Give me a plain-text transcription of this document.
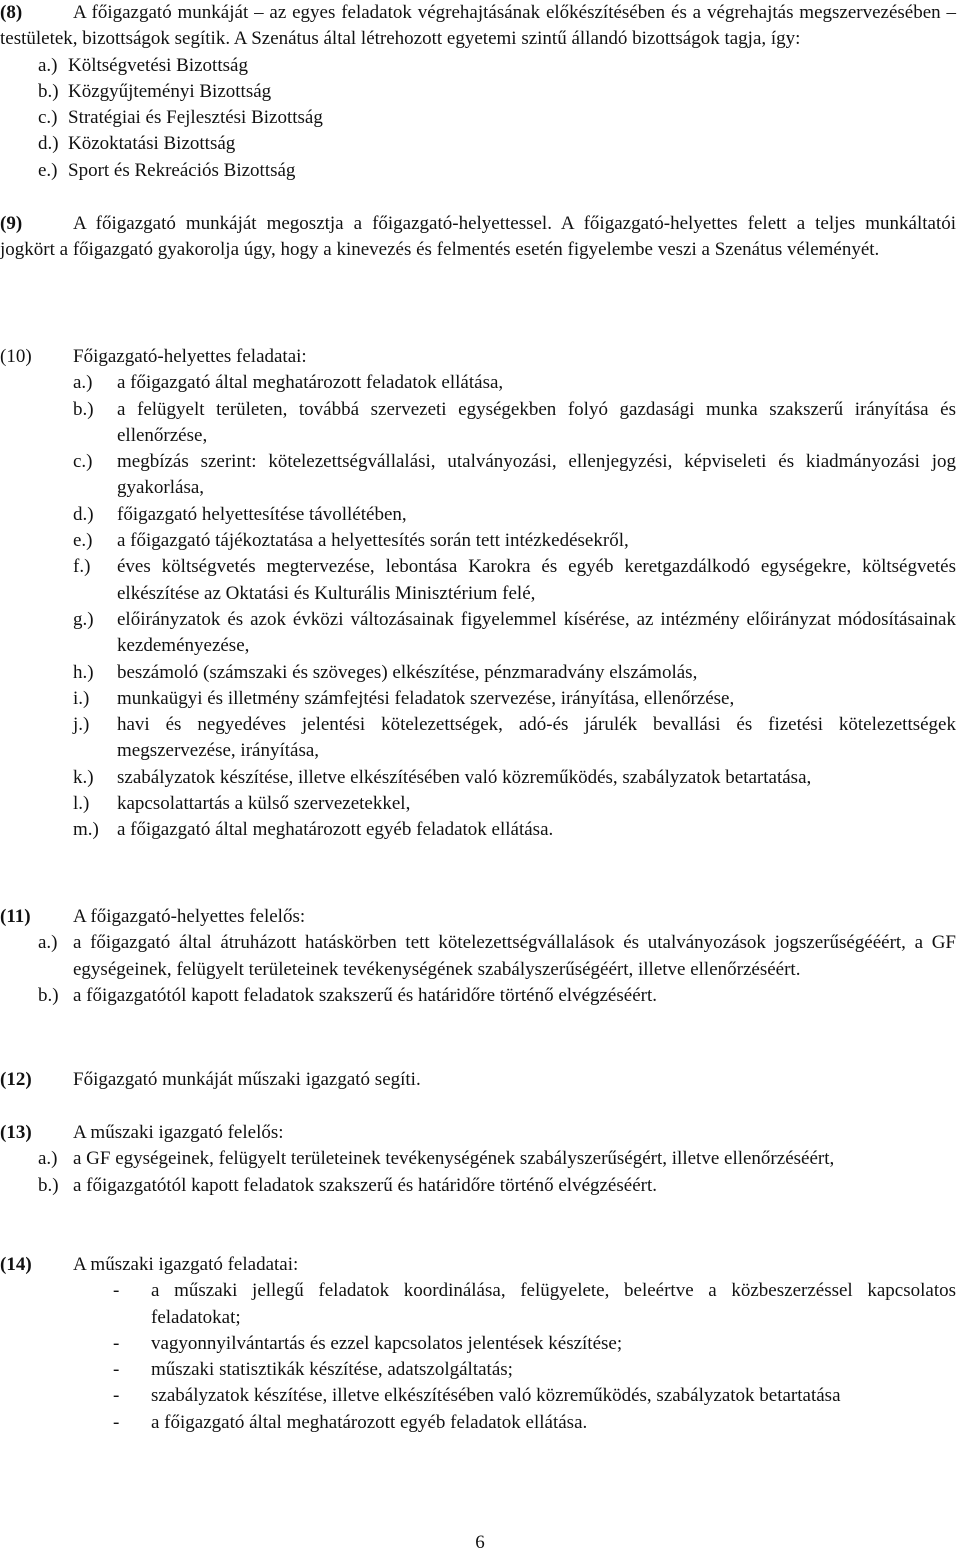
(8)	A főigazgató munkáját – az egyes feladatok végrehajtásának előkészítésében és a végrehajtás megszervezésében – testületek, bizottságok segítik. A Szenátus által létrehozott egyetemi szintű állandó bizottságok tagja, így:
a.) Költségvetési Bizottság
b.) Közgyűjteményi Bizottság
c.) Stratégiai és Fejlesztési Bizottság
d.) Közoktatási Bizottság
e.) Sport és Rekreációs Bizottság
(9)	A főigazgató munkáját megosztja a főigazgató-helyettessel. A főigazgató-helyettes felett a teljes munkáltatói jogkört a főigazgató gyakorolja úgy, hogy a kinevezés és felmentés esetén figyelembe veszi a Szenátus véleményét.
(10)	Főigazgató-helyettes feladatai:
a.)	a főigazgató által meghatározott feladatok ellátása,
b.)	a felügyelt területen, továbbá szervezeti egységekben folyó gazdasági munka szakszerű irányítása és ellenőrzése,
c.)	megbízás szerint: kötelezettségvállalási, utalványozási, ellenjegyzési, képviseleti és kiadmányozási jog gyakorlása,
d.)	főigazgató helyettesítése távollétében,
e.)	a főigazgató tájékoztatása a helyettesítés során tett intézkedésekről,
f.)	éves költségvetés megtervezése, lebontása Karokra és egyéb keretgazdálkodó egységekre, költségvetés elkészítése az Oktatási és Kulturális Minisztérium felé,
g.)	előirányzatok és azok évközi változásainak figyelemmel kísérése, az intézmény előirányzat módosításainak kezdeményezése,
h.)	beszámoló (számszaki és szöveges) elkészítése, pénzmaradvány elszámolás,
i.)	munkaügyi és illetmény számfejtési feladatok szervezése, irányítása, ellenőrzése,
j.)	havi és negyedéves jelentési kötelezettségek, adó-és járulék bevallási és fizetési kötelezettségek megszervezése, irányítása,
k.)	szabályzatok készítése, illetve elkészítésében való közreműködés, szabályzatok betartatása,
l.)	kapcsolattartás a külső szervezetekkel,
m.) a főigazgató által meghatározott egyéb feladatok ellátása.
(11)	A főigazgató-helyettes felelős:
a.) a főigazgató által átruházott hatáskörben tett kötelezettségvállalások és utalványozások jogszerűségééért, a GF egységeinek, felügyelt területeinek tevékenységének szabályszerűségéért, illetve ellenőrzéséért.
b.) a főigazgatótól kapott feladatok szakszerű és határidőre történő elvégzéséért.
(12)	Főigazgató munkáját műszaki igazgató segíti.
(13)	A műszaki igazgató felelős:
a.) a GF egységeinek, felügyelt területeinek tevékenységének szabályszerűségért, illetve ellenőrzéséért,
b.) a főigazgatótól kapott feladatok szakszerű és határidőre történő elvégzéséért.
(14)	A műszaki igazgató feladatai:
-	a műszaki jellegű feladatok koordinálása, felügyelete, beleértve a közbeszerzéssel kapcsolatos feladatokat;
-	vagyonnyilvántartás és ezzel kapcsolatos jelentések készítése;
-	műszaki statisztikák készítése, adatszolgáltatás;
-	szabályzatok készítése, illetve elkészítésében való közreműködés, szabályzatok betartatása
-	a főigazgató által meghatározott egyéb feladatok ellátása.
6
